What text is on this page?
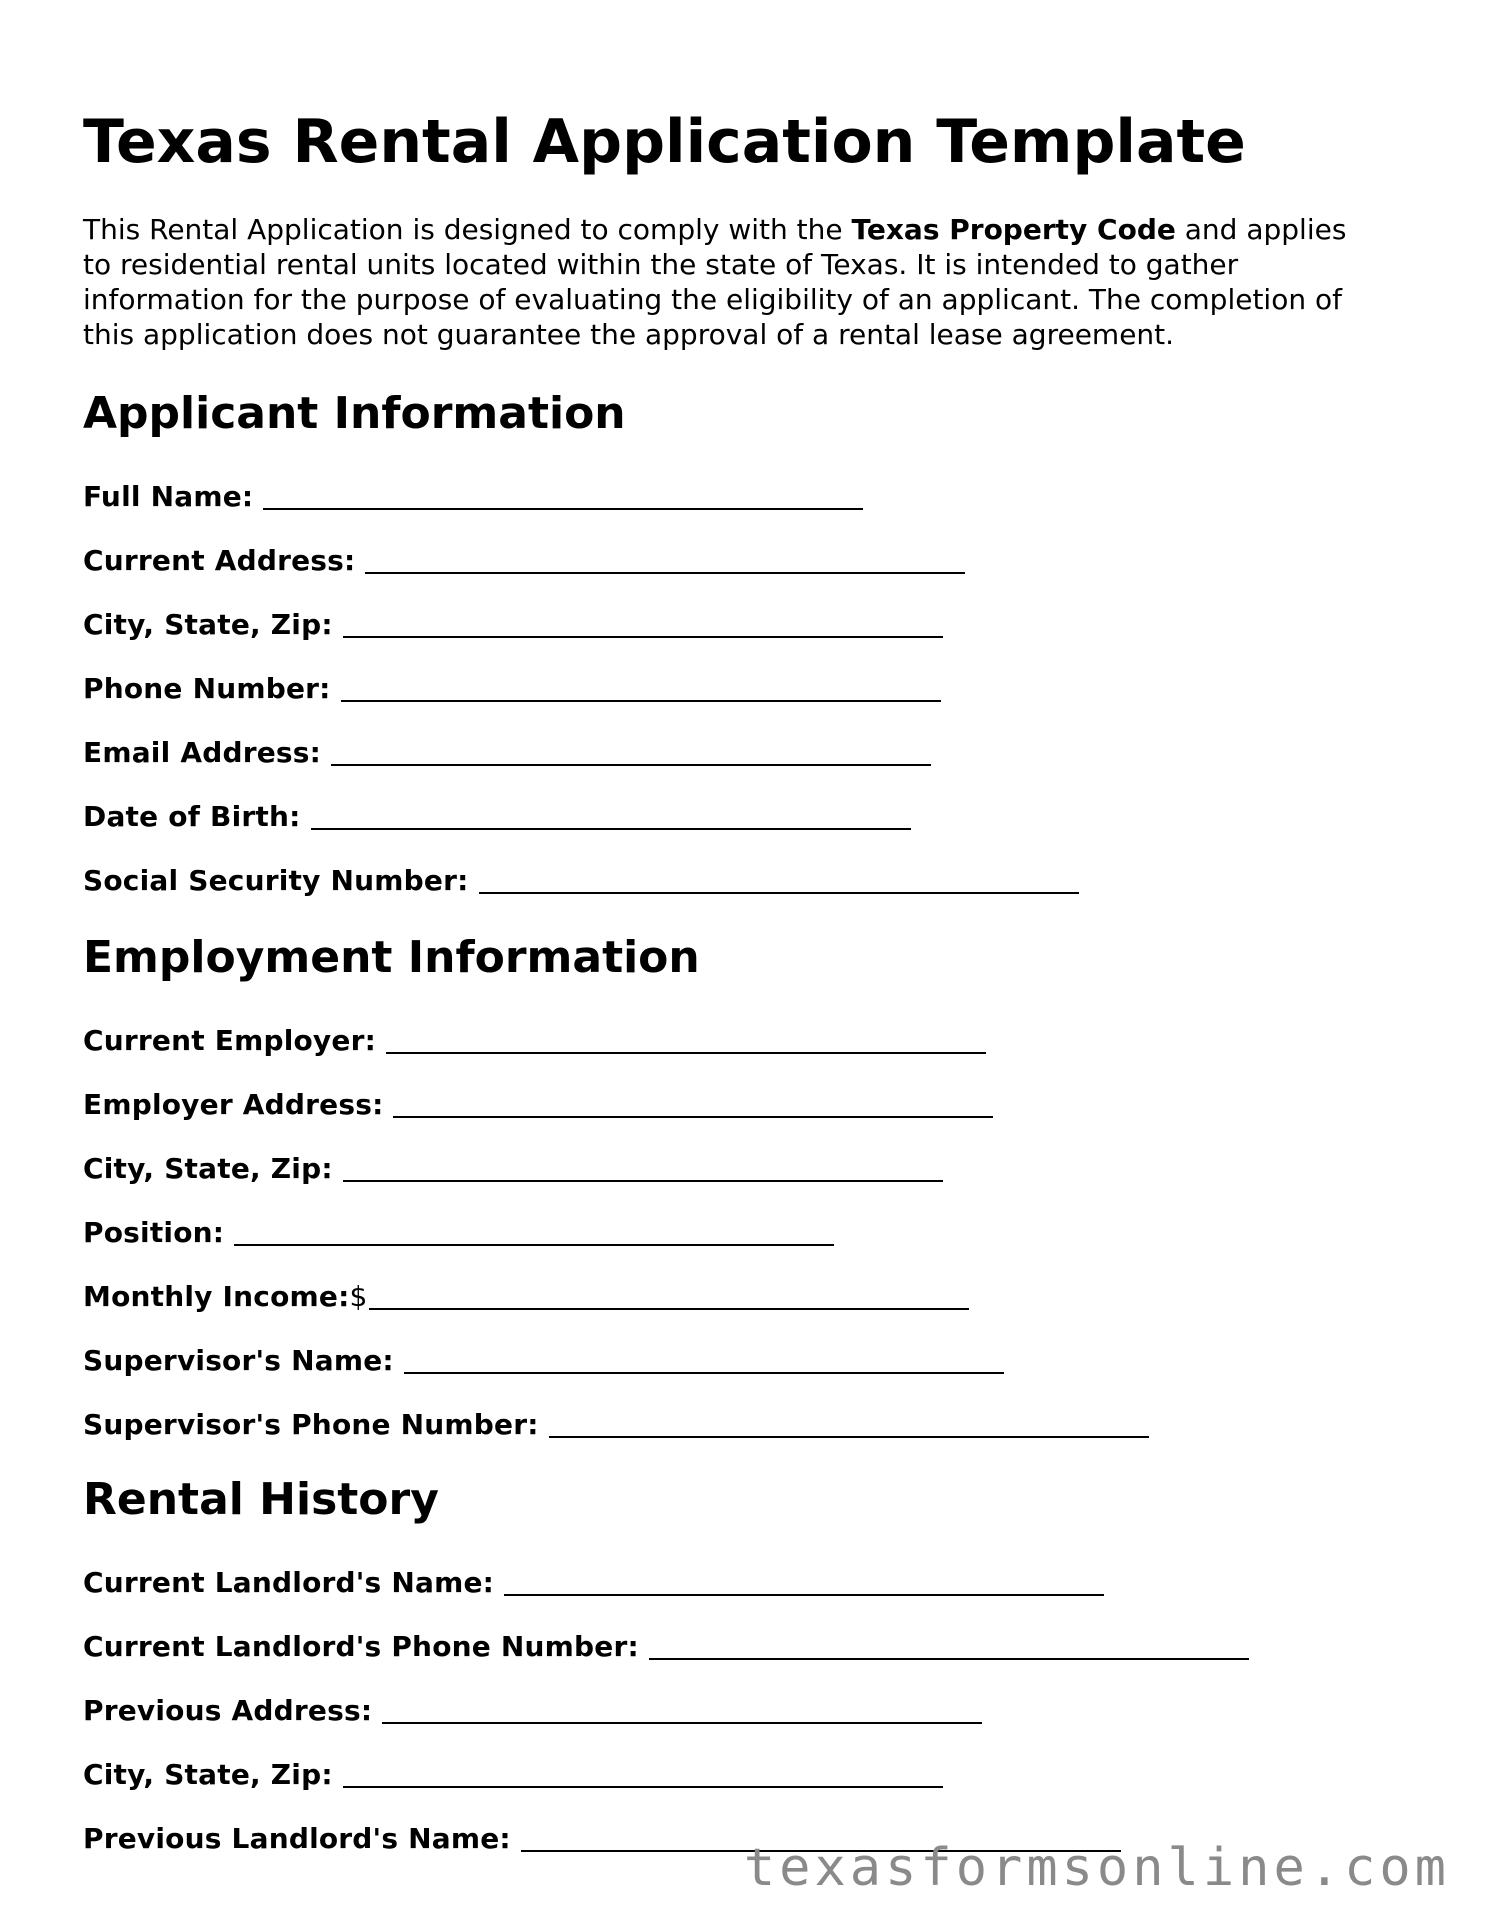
Texas Rental Application Template

This Rental Application is designed to comply with the Texas Property Code and applies
to residential rental units located within the state of Texas. It is intended to gather
information for the purpose of evaluating the eligibility of an applicant. The completion of
this application does not guarantee the approval of a rental lease agreement.

Applicant Information
Full Name:
Current Address:
City, State, Zip:
Phone Number:
Email Address:
Date of Birth:
Social Security Number:
Employment Information
Current Employer:
Employer Address:
City, State, Zip:
Position:
Monthly Income: $
Supervisor's Name:
Supervisor's Phone Number:
Rental History
Current Landlord's Name:
Current Landlord's Phone Number:
Previous Address:
City, State, Zip:
Previous Landlord's Name:	texasformsonline.com
